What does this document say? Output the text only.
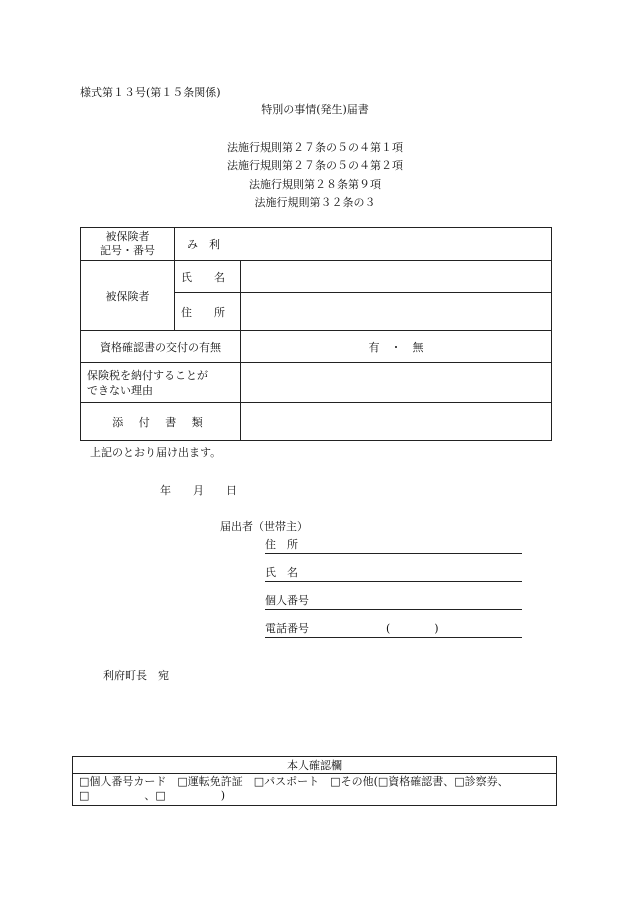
様式第１３号(第１５条関係)
特別の事情(発生)届書
法施行規則第２７条の５の４第１項
法施行規則第２７条の５の４第２項
法施行規則第２８条第９項
法施行規則第３２条の３
被保険者
記号・番号	み　利	
被保険者	氏　　名	
	住　　所	
資格確認書の交付の有無		有　・　無
保険税を納付することが
できない理由		
添 付 書 類		
上記のとおり届け出ます。
年　　月　　日
届出者（世帯主）
住　所
氏　名
個人番号
電話番号　　　　　　　(　　　　)
利府町長　宛
本人確認欄

□個人番号カード　□運転免許証　□パスポート　□その他(□資格確認書、□診察券、
□　　　　　、□　　　　　)
